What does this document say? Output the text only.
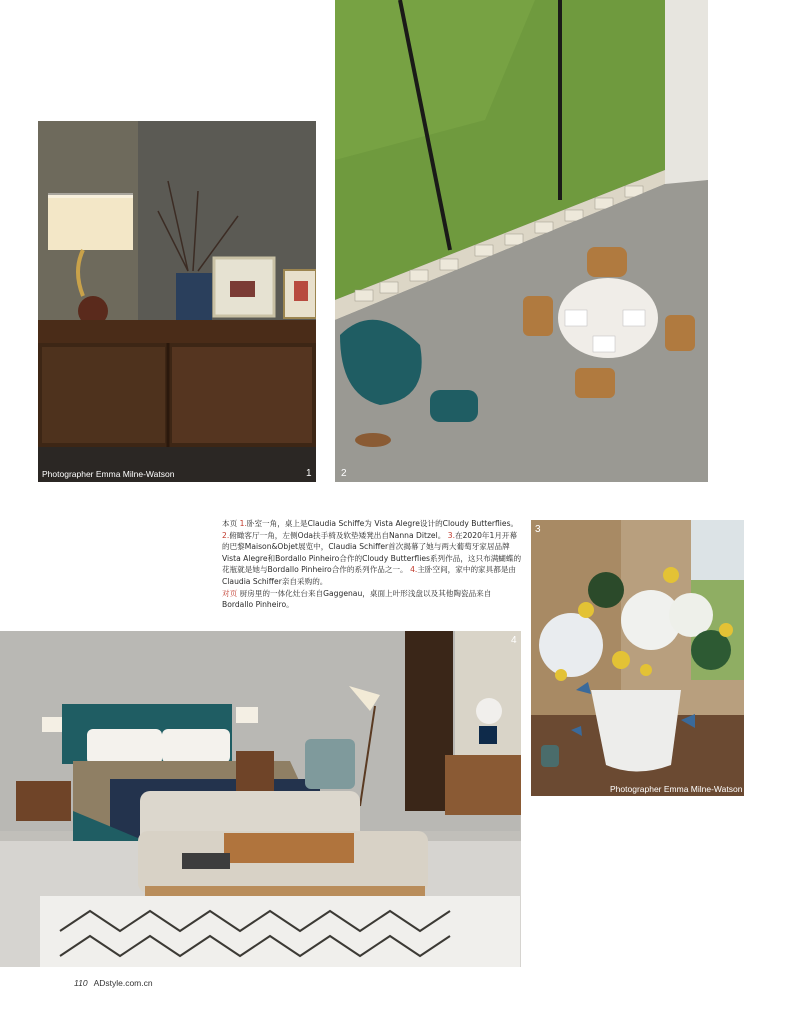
Photographer Emma Milne-Watson	1	2

本页 1.卧室一角，桌上是Claudia Schiffe为 Vista Alegre设计的Cloudy Butterflies。 2.俯瞰客厅一角，左侧Oda扶手椅及软垫矮凳出自Nanna Ditzel。 3.在2020年1月开幕的巴黎Maison&Objet展览中，Claudia Schiffer首次揭幕了她与两大葡萄牙家居品牌Vista Alegre和Bordallo Pinheiro合作的Cloudy Butterflies系列作品，这只布满蝴蝶的花瓶就是她与Bordallo Pinheiro合作的系列作品之一。 4.主卧空间，家中的家具都是由Claudia Schiffer亲自采购的。

对页 厨房里的一体化灶台来自Gaggenau，桌面上叶形浅盘以及其他陶瓷品来自Bordallo Pinheiro。

3
Photographer Emma Milne-Watson
4
110 ADstyle.com.cn
